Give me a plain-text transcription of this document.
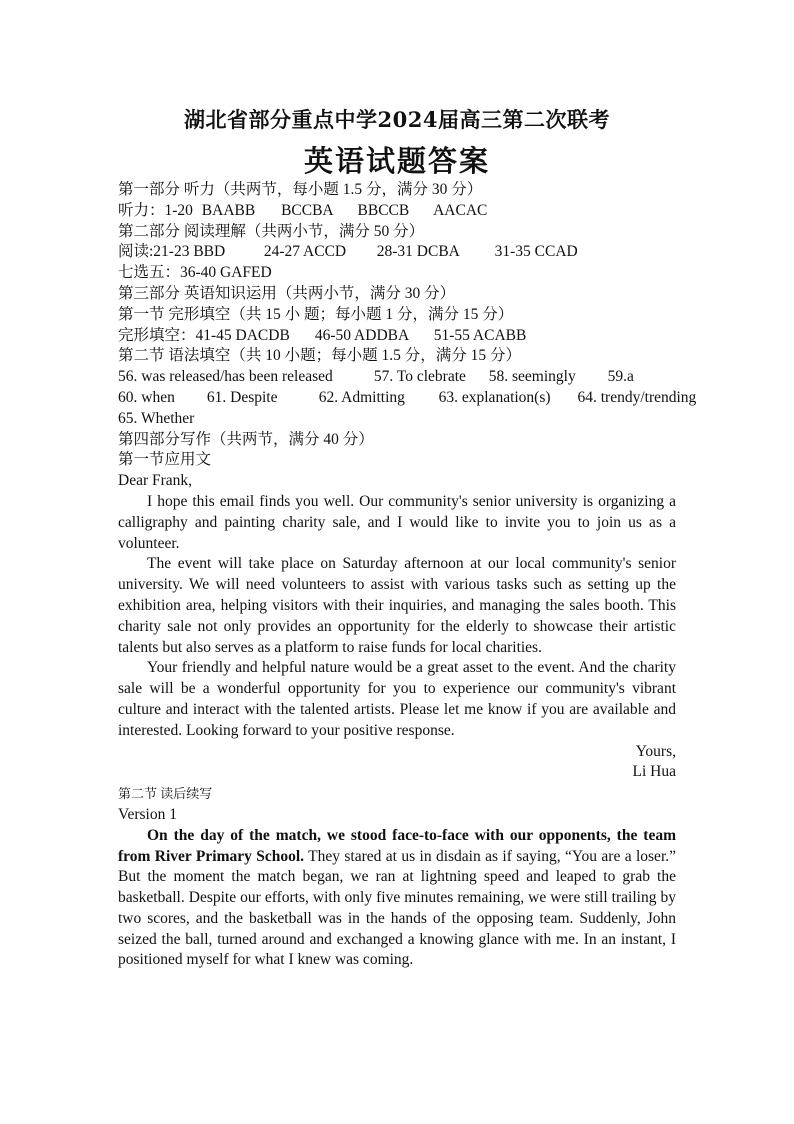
湖北省部分重点中学2024届高三第二次联考
英语试题答案
第一部分 听力（共两节，每小题 1.5 分，满分 30 分）
听力：1-20 BAABB BCCBA BBCCB AACAC
第二部分 阅读理解（共两小节，满分 50 分）
阅读:21-23 BBD 24-27 ACCD 28-31 DCBA 31-35 CCAD
七选五：36-40 GAFED
第三部分 英语知识运用（共两小节，满分 30 分）
第一节 完形填空（共 15 小 题；每小题 1 分，满分 15 分）
完形填空：41-45 DACDB 46-50 ADDBA 51-55 ACABB
第二节 语法填空（共 10 小题；每小题 1.5 分，满分 15 分）
56. was released/has been released	57. To clebrate 58. seemingly 59.a
60. when 61. Despite	62. Admitting 63. explanation(s) 64. trendy/trending
65. Whether
第四部分写作（共两节，满分 40 分）
第一节应用文
Dear Frank,
I hope this email finds you well. Our community's senior university is organizing a calligraphy and painting charity sale, and I would like to invite you to join us as a volunteer.
The event will take place on Saturday afternoon at our local community's senior university. We will need volunteers to assist with various tasks such as setting up the exhibition area, helping visitors with their inquiries, and managing the sales booth. This charity sale not only provides an opportunity for the elderly to showcase their artistic talents but also serves as a platform to raise funds for local charities.
Your friendly and helpful nature would be a great asset to the event. And the charity sale will be a wonderful opportunity for you to experience our community's vibrant culture and interact with the talented artists. Please let me know if you are available and interested. Looking forward to your positive response.
Yours,
Li Hua
第二节 读后续写
Version 1
On the day of the match, we stood face-to-face with our opponents, the team from River Primary School. They stared at us in disdain as if saying, “You are a loser.” But the moment the match began, we ran at lightning speed and leaped to grab the basketball. Despite our efforts, with only five minutes remaining, we were still trailing by two scores, and the basketball was in the hands of the opposing team. Suddenly, John seized the ball, turned around and exchanged a knowing glance with me. In an instant, I positioned myself for what I knew was coming.
